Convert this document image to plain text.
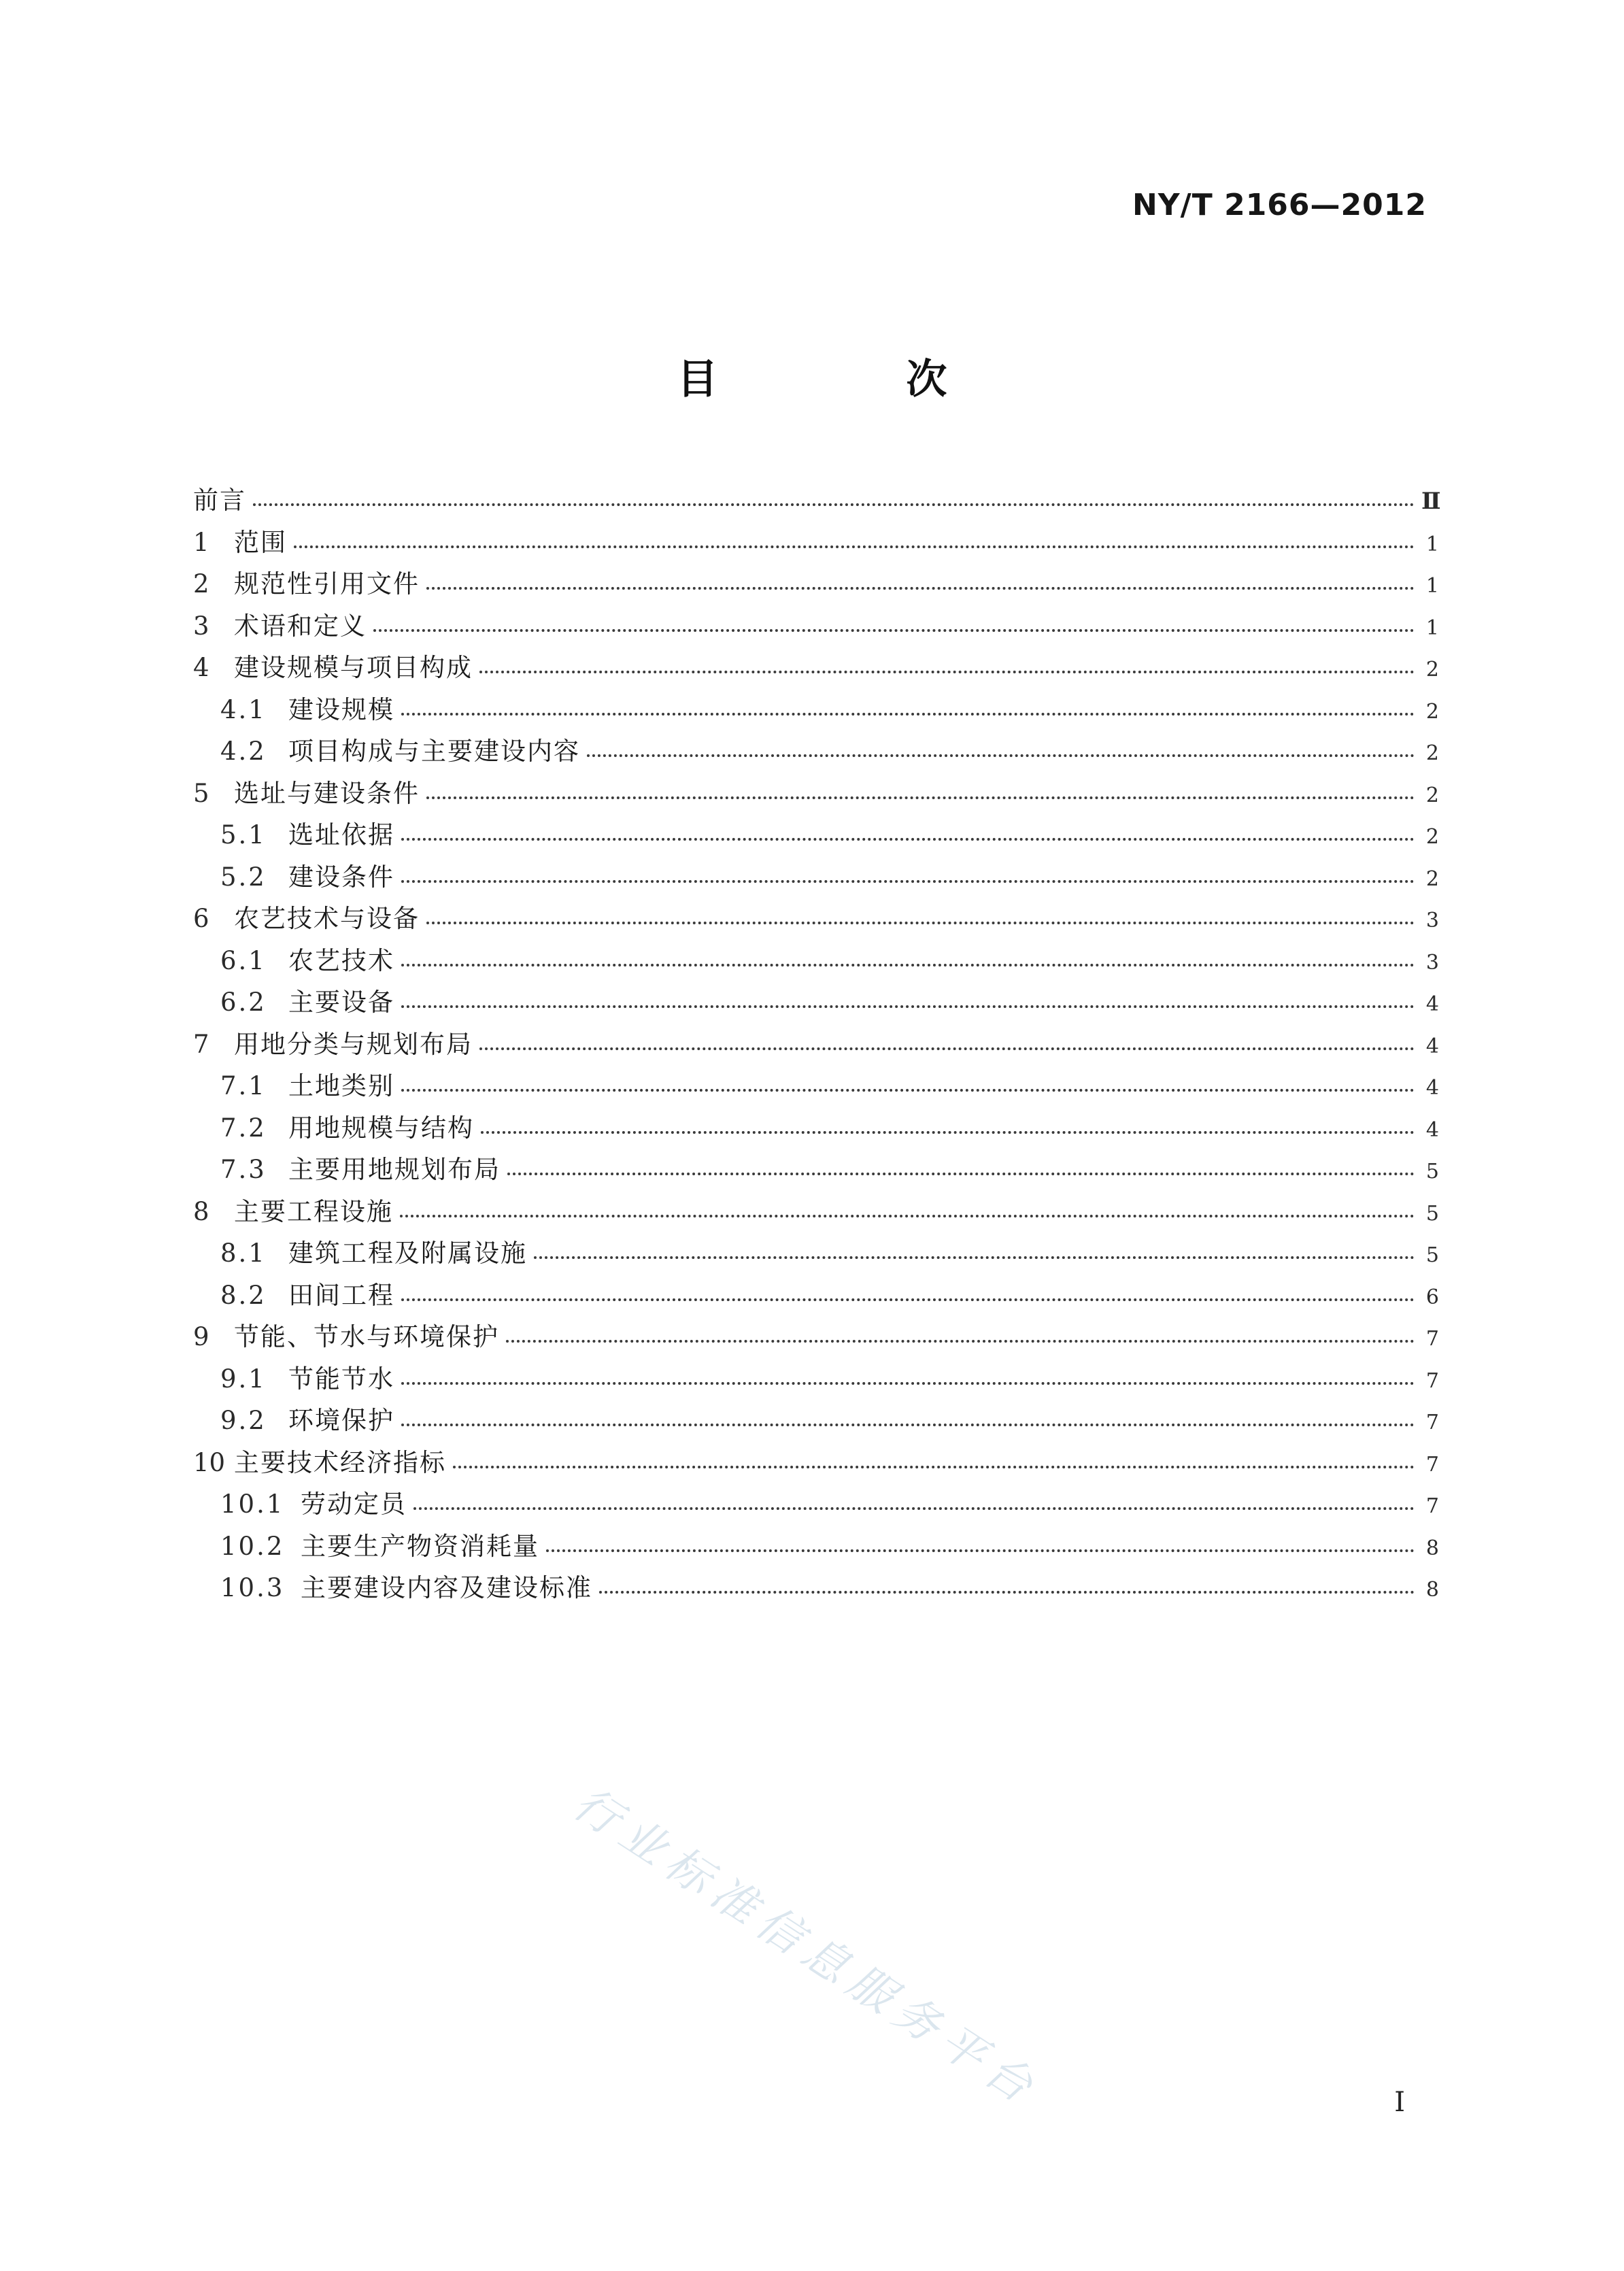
NY/T 2166—2012
目 次
前言	Ⅱ
1 范围	1
2 规范性引用文件	1
3 术语和定义	1
4 建设规模与项目构成	2
4.1 建设规模	2
4.2 项目构成与主要建设内容	2
5 选址与建设条件	2
5.1 选址依据	2
5.2 建设条件	2
6 农艺技术与设备	3
6.1 农艺技术	3
6.2 主要设备	4
7 用地分类与规划布局	4
7.1 土地类别	4
7.2 用地规模与结构	4
7.3 主要用地规划布局	5
8 主要工程设施	5
8.1 建筑工程及附属设施	5
8.2 田间工程	6
9 节能、节水与环境保护	7
9.1 节能节水	7
9.2 环境保护	7
10 主要技术经济指标	7
10.1 劳动定员	7
10.2 主要生产物资消耗量	8
10.3 主要建设内容及建设标准	8
行业标准信息服务平台	I
